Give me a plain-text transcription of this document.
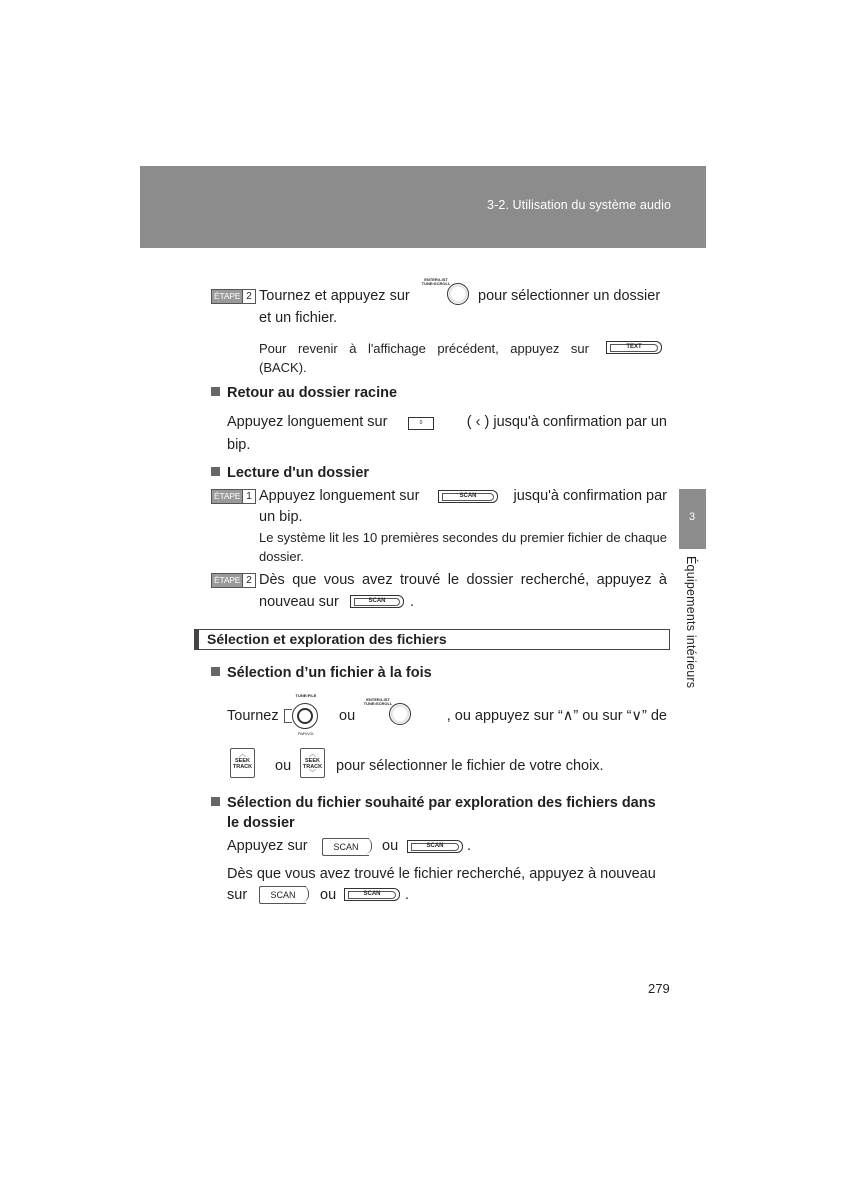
3-2. Utilisation du système audio
3
Équipements intérieurs
ÉTAPE 2 Tournez et appuyez sur	pour sélectionner un dossier
ENTER•LIST TUNE•SCROLL
et un fichier.
Pour revenir à l'affichage précédent, appuyez sur	TEXT
(BACK).
Retour au dossier racine
Appuyez longuement sur	0	( ‹ ) jusqu'à confirmation par un
bip.
Lecture d'un dossier
ÉTAPE 1 Appuyez longuement sur	SCAN	jusqu'à confirmation par
un bip.
Le système lit les 10 premières secondes du premier fichier de chaque dossier.
ÉTAPE 2 Dès que vous avez trouvé le dossier recherché, appuyez à
nouveau sur	SCAN	.
Sélection et exploration des fichiers
Sélection d’un fichier à la fois
Tournez
TUNE•FILE
PWR•VOL
ou
ENTER•LIST TUNE•SCROLL
, ou appuyez sur “∧” ou sur “∨” de
︿
SEEK TRACK ou
︿
SEEK TRACK
﹀	pour sélectionner le fichier de votre choix.
Sélection du fichier souhaité par exploration des fichiers dans
le dossier
Appuyez sur	SCAN	ou	SCAN	.
Dès que vous avez trouvé le fichier recherché, appuyez à nouveau
sur	SCAN	ou	SCAN	.
279
